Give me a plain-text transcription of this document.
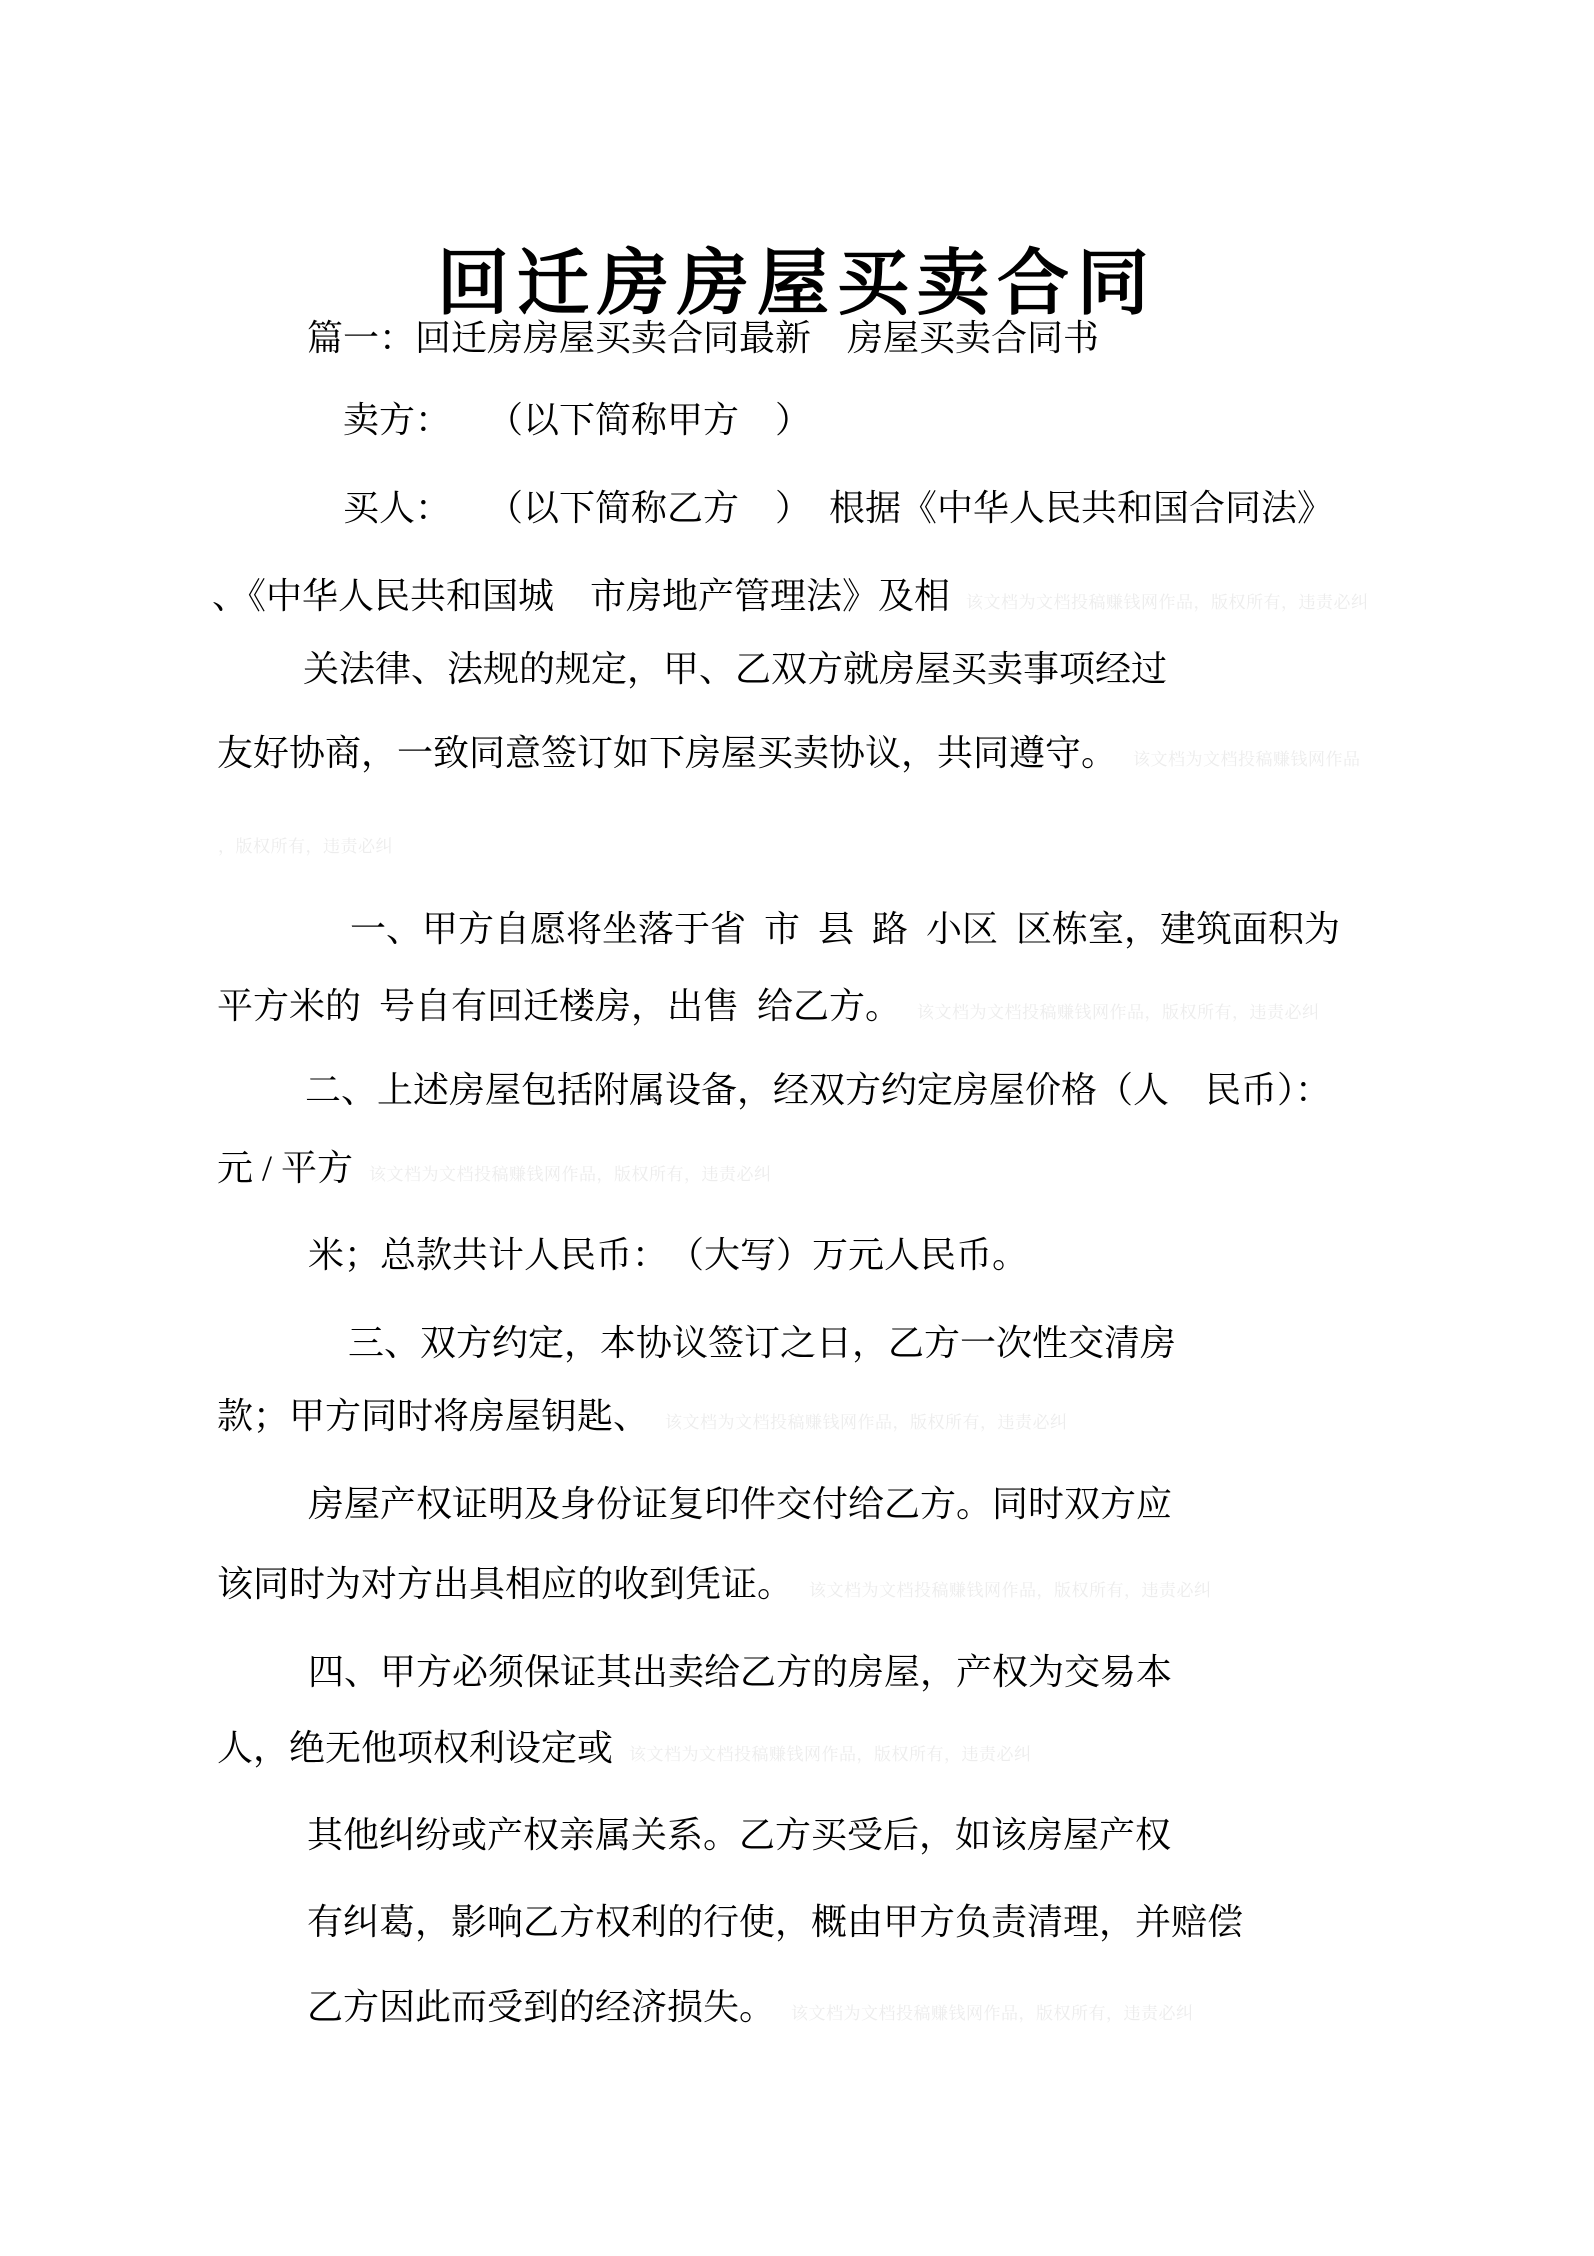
回迁房房屋买卖合同
篇一：回迁房房屋买卖合同最新　房屋买卖合同书
卖方：　　（以下简称甲方　）
买人：　　（以下简称乙方　）　根据《中华人民共和国合同法》
、《中华人民共和国城　市房地产管理法》及相 该文档为文档投稿赚钱网作品，版权所有，违责必纠
关法律、法规的规定，甲、乙双方就房屋买卖事项经过
友好协商，一致同意签订如下房屋买卖协议，共同遵守。 该文档为文档投稿赚钱网作品
，版权所有，违责必纠
一、甲方自愿将坐落于省  市  县  路  小区  区栋室，建筑面积为
平方米的  号自有回迁楼房，出售  给乙方。 该文档为文档投稿赚钱网作品，版权所有，违责必纠
二、上述房屋包括附属设备，经双方约定房屋价格（人　民币）：
元 / 平方 该文档为文档投稿赚钱网作品，版权所有，违责必纠
米；总款共计人民币：　（大写）万元人民币。
三、双方约定，本协议签订之日，乙方一次性交清房
款；甲方同时将房屋钥匙、 该文档为文档投稿赚钱网作品，版权所有，违责必纠
房屋产权证明及身份证复印件交付给乙方。同时双方应
该同时为对方出具相应的收到凭证。 该文档为文档投稿赚钱网作品，版权所有，违责必纠
四、甲方必须保证其出卖给乙方的房屋，产权为交易本
人，绝无他项权利设定或 该文档为文档投稿赚钱网作品，版权所有，违责必纠
其他纠纷或产权亲属关系。乙方买受后，如该房屋产权
有纠葛，影响乙方权利的行使，概由甲方负责清理，并赔偿
乙方因此而受到的经济损失。 该文档为文档投稿赚钱网作品，版权所有，违责必纠
